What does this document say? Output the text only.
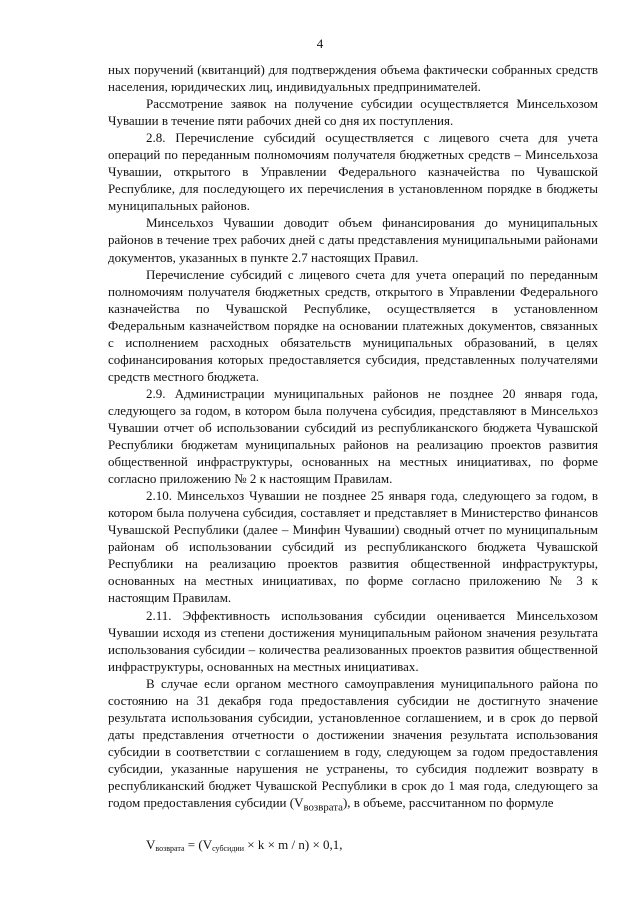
4

ных поручений (квитанций) для подтверждения объема фактически собранных средств населения, юридических лиц, индивидуальных предпринимателей.

Рассмотрение заявок на получение субсидии осуществляется Минсельхозом Чувашии в течение пяти рабочих дней со дня их поступления.

2.8. Перечисление субсидий осуществляется с лицевого счета для учета операций по переданным полномочиям получателя бюджетных средств – Минсельхоза Чувашии, открытого в Управлении Федерального казначейства по Чувашской Республике, для последующего их перечисления в установленном порядке в бюджеты муниципальных районов.

Минсельхоз Чувашии доводит объем финансирования до муниципальных районов в течение трех рабочих дней с даты представления муниципальными районами документов, указанных в пункте 2.7 настоящих Правил.

Перечисление субсидий с лицевого счета для учета операций по переданным полномочиям получателя бюджетных средств, открытого в Управлении Федерального казначейства по Чувашской Республике, осуществляется в установленном Федеральным казначейством порядке на основании платежных документов, связанных с исполнением расходных обязательств муниципальных образований, в целях софинансирования которых предоставляется субсидия, представленных получателями средств местного бюджета.

2.9. Администрации муниципальных районов не позднее 20 января года, следующего за годом, в котором была получена субсидия, представляют в Минсельхоз Чувашии отчет об использовании субсидий из республиканского бюджета Чувашской Республики бюджетам муниципальных районов на реализацию проектов развития общественной инфраструктуры, основанных на местных инициативах, по форме согласно приложению № 2 к настоящим Правилам.

2.10. Минсельхоз Чувашии не позднее 25 января года, следующего за годом, в котором была получена субсидия, составляет и представляет в Министерство финансов Чувашской Республики (далее – Минфин Чувашии) сводный отчет по муниципальным районам об использовании субсидий из республиканского бюджета Чувашской Республики на реализацию проектов развития общественной инфраструктуры, основанных на местных инициативах, по форме согласно приложению № 3 к настоящим Правилам.

2.11. Эффективность использования субсидии оценивается Минсельхозом Чувашии исходя из степени достижения муниципальным районом значения результата использования субсидии – количества реализованных проектов развития общественной инфраструктуры, основанных на местных инициативах.

В случае если органом местного самоуправления муниципального района по состоянию на 31 декабря года предоставления субсидии не достигнуто значение результата использования субсидии, установленное соглашением, и в срок до первой даты представления отчетности о достижении значения результата использования субсидии в соответствии с соглашением в году, следующем за годом предоставления субсидии, указанные нарушения не устранены, то субсидия подлежит возврату в республиканский бюджет Чувашской Республики в срок до 1 мая года, следующего за годом предоставления субсидии $(V_{возврата})$, в объеме, рассчитанном по формуле

$V_{возврата} = (V_{субсидии} \times k \times m / n) \times 0,1$,
